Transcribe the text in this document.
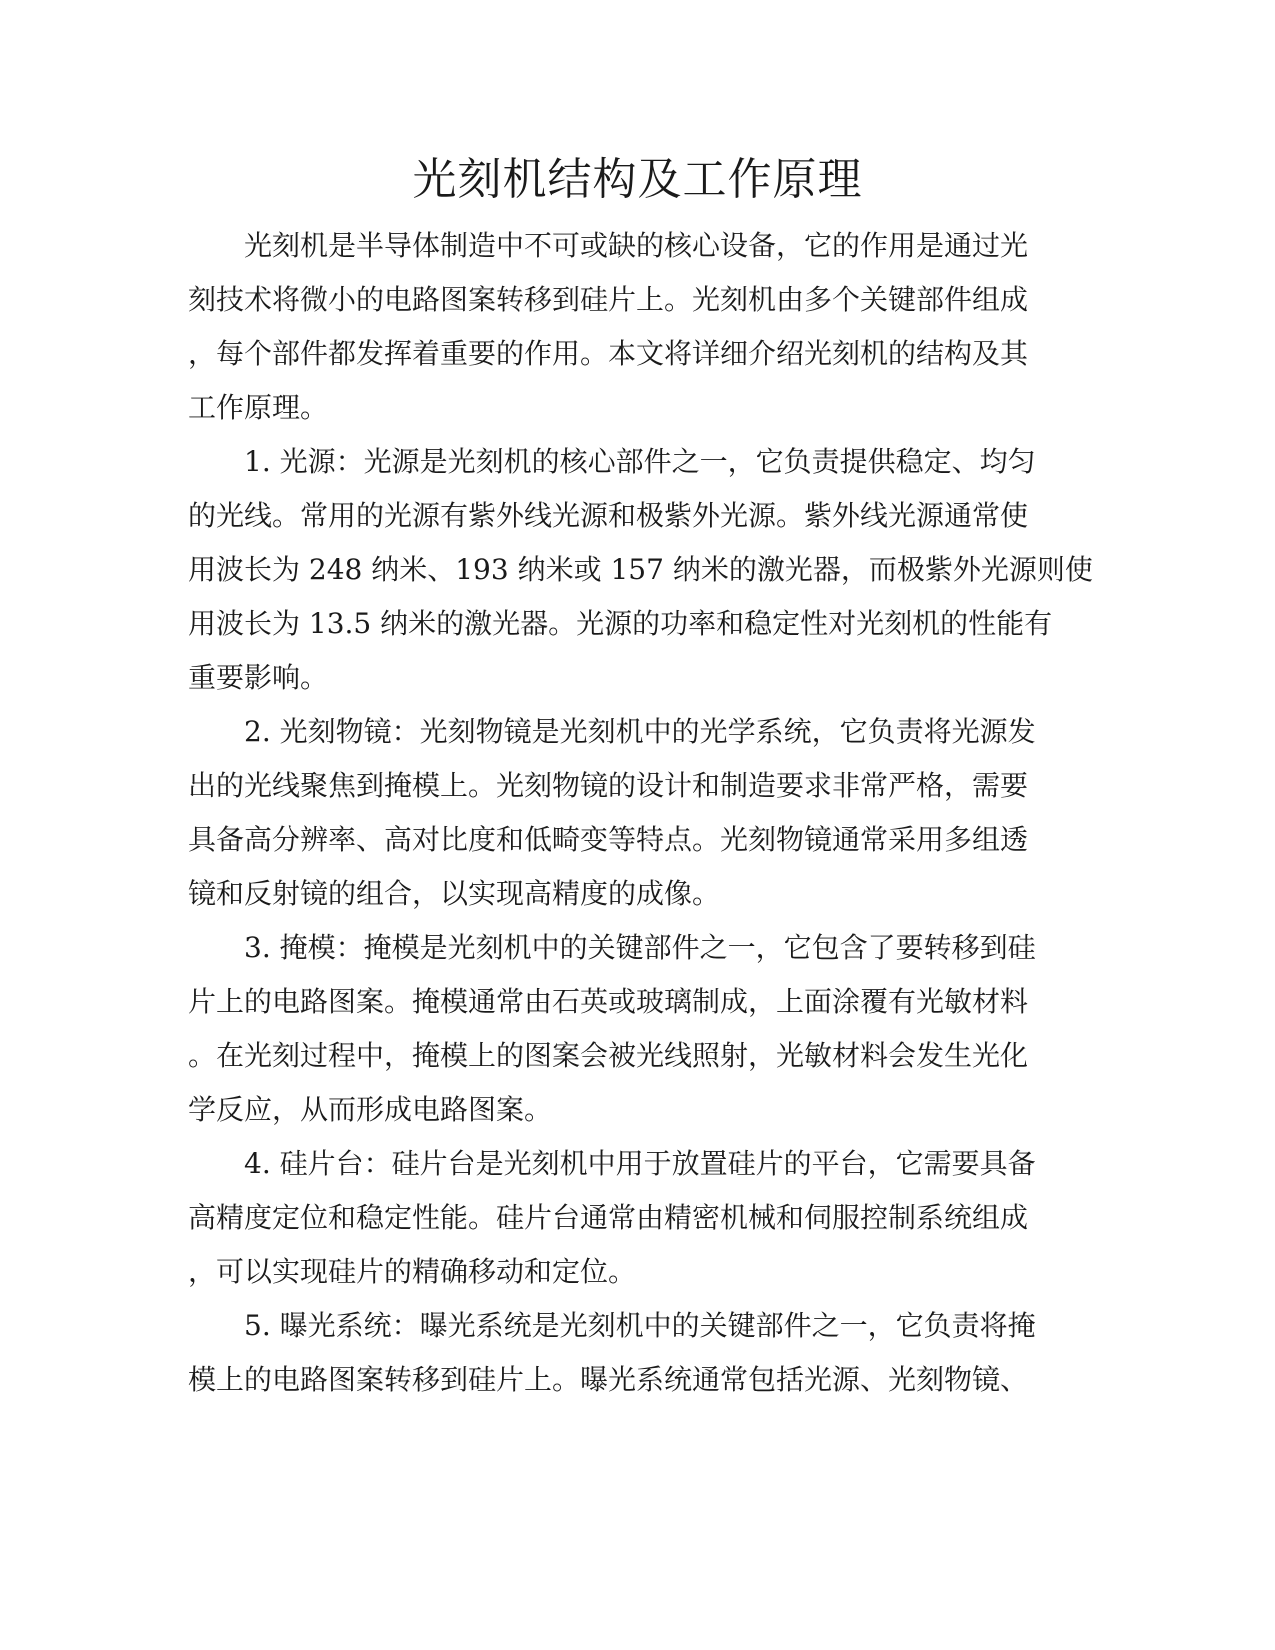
光刻机结构及工作原理

光刻机是半导体制造中不可或缺的核心设备，它的作用是通过光

刻技术将微小的电路图案转移到硅片上。光刻机由多个关键部件组成

，每个部件都发挥着重要的作用。本文将详细介绍光刻机的结构及其

工作原理。

1. 光源：光源是光刻机的核心部件之一，它负责提供稳定、均匀

的光线。常用的光源有紫外线光源和极紫外光源。紫外线光源通常使

用波长为 248 纳米、193 纳米或 157 纳米的激光器，而极紫外光源则使

用波长为 13.5 纳米的激光器。光源的功率和稳定性对光刻机的性能有

重要影响。

2. 光刻物镜：光刻物镜是光刻机中的光学系统，它负责将光源发

出的光线聚焦到掩模上。光刻物镜的设计和制造要求非常严格，需要

具备高分辨率、高对比度和低畸变等特点。光刻物镜通常采用多组透

镜和反射镜的组合，以实现高精度的成像。

3. 掩模：掩模是光刻机中的关键部件之一，它包含了要转移到硅

片上的电路图案。掩模通常由石英或玻璃制成，上面涂覆有光敏材料

。在光刻过程中，掩模上的图案会被光线照射，光敏材料会发生光化

学反应，从而形成电路图案。

4. 硅片台：硅片台是光刻机中用于放置硅片的平台，它需要具备

高精度定位和稳定性能。硅片台通常由精密机械和伺服控制系统组成

，可以实现硅片的精确移动和定位。

5. 曝光系统：曝光系统是光刻机中的关键部件之一，它负责将掩

模上的电路图案转移到硅片上。曝光系统通常包括光源、光刻物镜、
